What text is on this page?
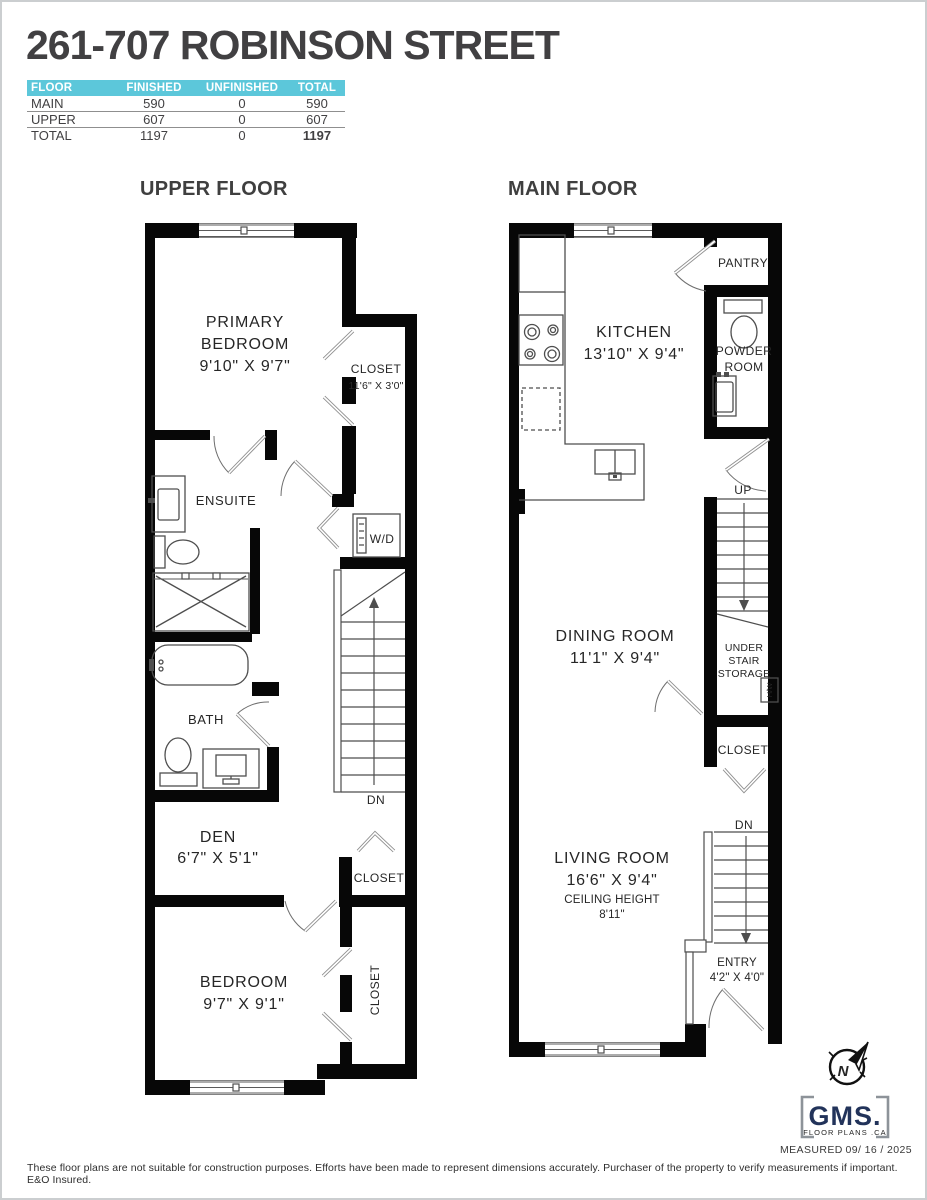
261-707 ROBINSON STREET
FLOOR	FINISHED	UNFINISHED	TOTAL
MAIN	590	0	590
UPPER	607	0	607
TOTAL	1197	0	1197
UPPER FLOOR	MAIN FLOOR
PRIMARY
BEDROOM
9'10" X 9'7"	CLOSET
11'6" X 3'0"
ENSUITE
W/D
DN
BATH
DEN
6'7" X 5'1"
CLOSET
BEDROOM
9'7" X 9'1"	CLOSET
KITCHEN
13'10" X 9'4"
PANTRY
POWDER
ROOM
UP
DINING ROOM
11'1" X 9'4"
UNDER
STAIR
STORAGE
H/W
CLOSET
LIVING ROOM
16'6" X 9'4"
CEILING HEIGHT
8'11"
DN
ENTRY
4'2" X 4'0"
N
GMS.
FLOOR PLANS .CA
MEASURED 09/ 16 / 2025
These floor plans are not suitable for construction purposes. Efforts have been made to represent dimensions accurately. Purchaser of the property to verify measurements if important. E&O Insured.
